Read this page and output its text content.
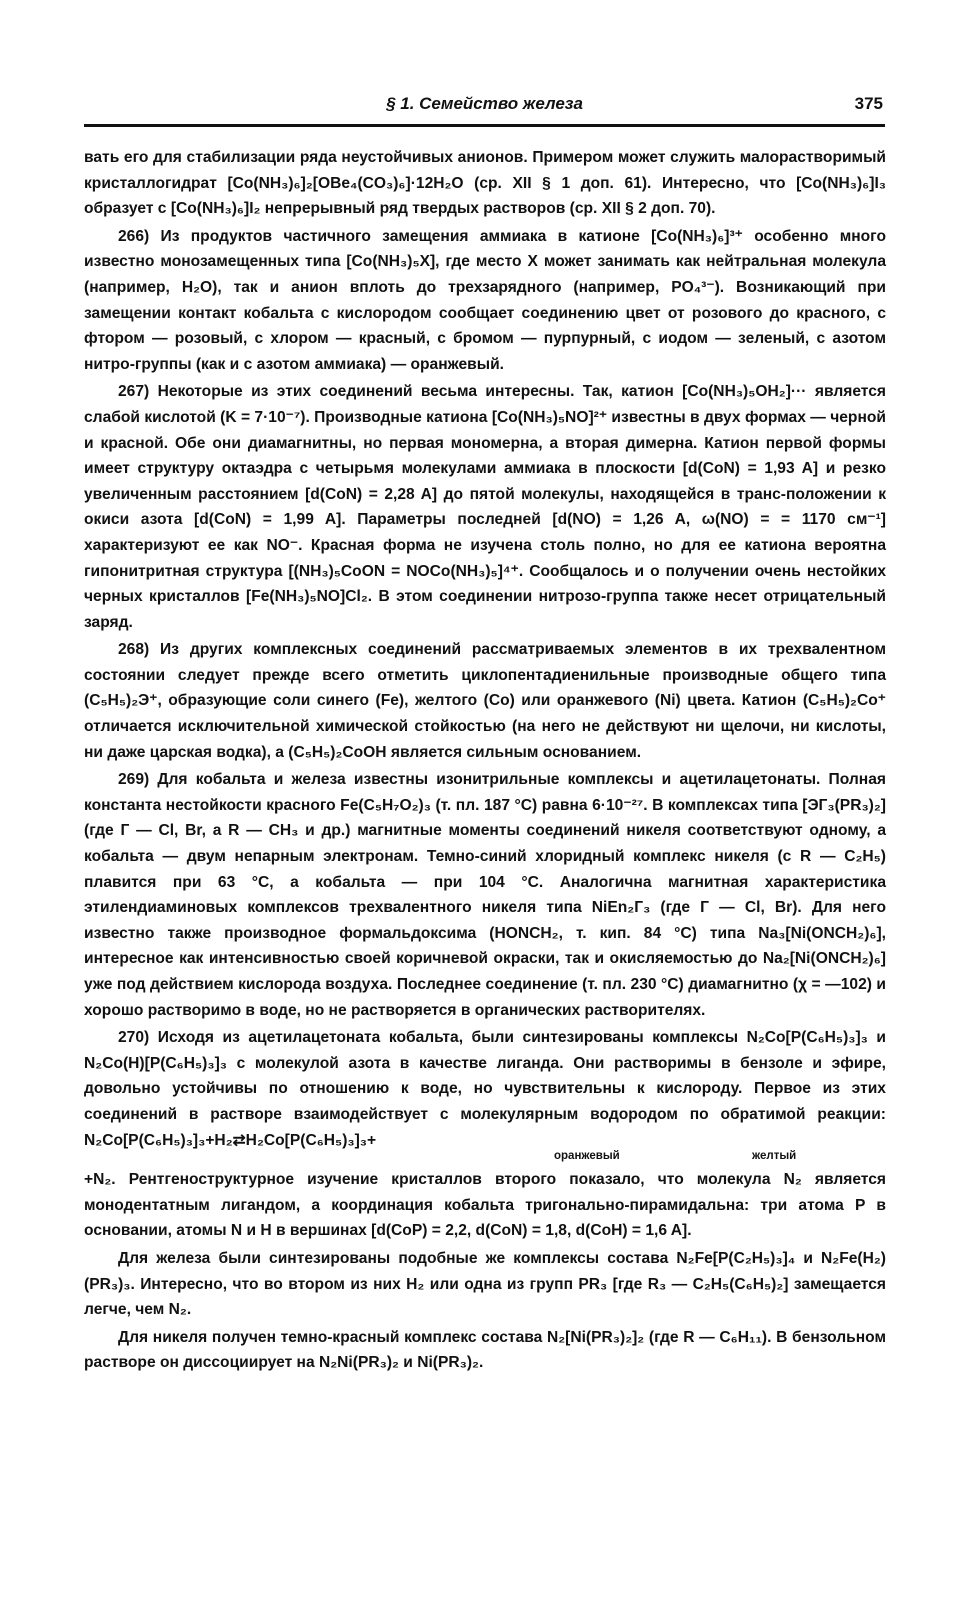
§ 1. Семейство железа	375

вать его для стабилизации ряда неустойчивых анионов. Примером может служить малорастворимый кристаллогидрат [Co(NH₃)₆]₂[OBe₄(CO₃)₆]·12H₂O (ср. XII § 1 доп. 61). Интересно, что [Co(NH₃)₆]I₃ образует с [Co(NH₃)₆]I₂ непрерывный ряд твердых растворов (ср. XII § 2 доп. 70).

266) Из продуктов частичного замещения аммиака в катионе [Co(NH₃)₆]³⁺ особенно много известно монозамещенных типа [Co(NH₃)₅X], где место X может занимать как нейтральная молекула (например, H₂O), так и анион вплоть до трехзарядного (например, PO₄³⁻). Возникающий при замещении контакт кобальта с кислородом сообщает соединению цвет от розового до красного, с фтором — розовый, с хлором — красный, с бромом — пурпурный, с иодом — зеленый, с азотом нитро-группы (как и с азотом аммиака) — оранжевый.

267) Некоторые из этих соединений весьма интересны. Так, катион [Co(NH₃)₅OH₂]··· является слабой кислотой (K = 7·10⁻⁷). Производные катиона [Co(NH₃)₅NO]²⁺ известны в двух формах — черной и красной. Обе они диамагнитны, но первая мономерна, а вторая димерна. Катион первой формы имеет структуру октаэдра с четырьмя молекулами аммиака в плоскости [d(CoN) = 1,93 A] и резко увеличенным расстоянием [d(CoN) = 2,28 A] до пятой молекулы, находящейся в транс-положении к окиси азота [d(CoN) = 1,99 A]. Параметры последней [d(NO) = 1,26 A, ω(NO) = = 1170 см⁻¹] характеризуют ее как NO⁻. Красная форма не изучена столь полно, но для ее катиона вероятна гипонитритная структура [(NH₃)₅CoON = NOCo(NH₃)₅]⁴⁺. Сообщалось и о получении очень нестойких черных кристаллов [Fe(NH₃)₅NO]Cl₂. В этом соединении нитрозо-группа также несет отрицательный заряд.

268) Из других комплексных соединений рассматриваемых элементов в их трехвалентном состоянии следует прежде всего отметить циклопентадиенильные производные общего типа (C₅H₅)₂Э⁺, образующие соли синего (Fe), желтого (Co) или оранжевого (Ni) цвета. Катион (C₅H₅)₂Co⁺ отличается исключительной химической стойкостью (на него не действуют ни щелочи, ни кислоты, ни даже царская водка), а (C₅H₅)₂CoOH является сильным основанием.

269) Для кобальта и железа известны изонитрильные комплексы и ацетилацетонаты. Полная константа нестойкости красного Fe(C₅H₇O₂)₃ (т. пл. 187 °C) равна 6·10⁻²⁷. В комплексах типа [ЭГ₃(PR₃)₂] (где Г — Cl, Br, а R — CH₃ и др.) магнитные моменты соединений никеля соответствуют одному, а кобальта — двум непарным электронам. Темно-синий хлоридный комплекс никеля (с R — C₂H₅) плавится при 63 °C, а кобальта — при 104 °C. Аналогична магнитная характеристика этилендиаминовых комплексов трехвалентного никеля типа NiEn₂Г₃ (где Г — Cl, Br). Для него известно также производное формальдоксима (HONCH₂, т. кип. 84 °C) типа Na₃[Ni(ONCH₂)₆], интересное как интенсивностью своей коричневой окраски, так и окисляемостью до Na₂[Ni(ONCH₂)₆] уже под действием кислорода воздуха. Последнее соединение (т. пл. 230 °C) диамагнитно (χ = —102) и хорошо растворимо в воде, но не растворяется в органических растворителях.

270) Исходя из ацетилацетоната кобальта, были синтезированы комплексы N₂Co[P(C₆H₅)₃]₃ и N₂Co(H)[P(C₆H₅)₃]₃ с молекулой азота в качестве лиганда. Они растворимы в бензоле и эфире, довольно устойчивы по отношению к воде, но чувствительны к кислороду. Первое из этих соединений в растворе взаимодействует с молекулярным водородом по обратимой реакции: N₂Co[P(C₆H₅)₃]₃+H₂⇄H₂Co[P(C₆H₅)₃]₃+

оранжевый	желтый

+N₂. Рентгеноструктурное изучение кристаллов второго показало, что молекула N₂ является монодентатным лигандом, а координация кобальта тригонально-пирамидальна: три атома P в основании, атомы N и H в вершинах [d(CoP) = 2,2, d(CoN) = 1,8, d(CoH) = 1,6 A].

Для железа были синтезированы подобные же комплексы состава N₂Fe[P(C₂H₅)₃]₄ и N₂Fe(H₂)(PR₃)₃. Интересно, что во втором из них H₂ или одна из групп PR₃ [где R₃ — C₂H₅(C₆H₅)₂] замещается легче, чем N₂.

Для никеля получен темно-красный комплекс состава N₂[Ni(PR₃)₂]₂ (где R — C₆H₁₁). В бензольном растворе он диссоциирует на N₂Ni(PR₃)₂ и Ni(PR₃)₂.
